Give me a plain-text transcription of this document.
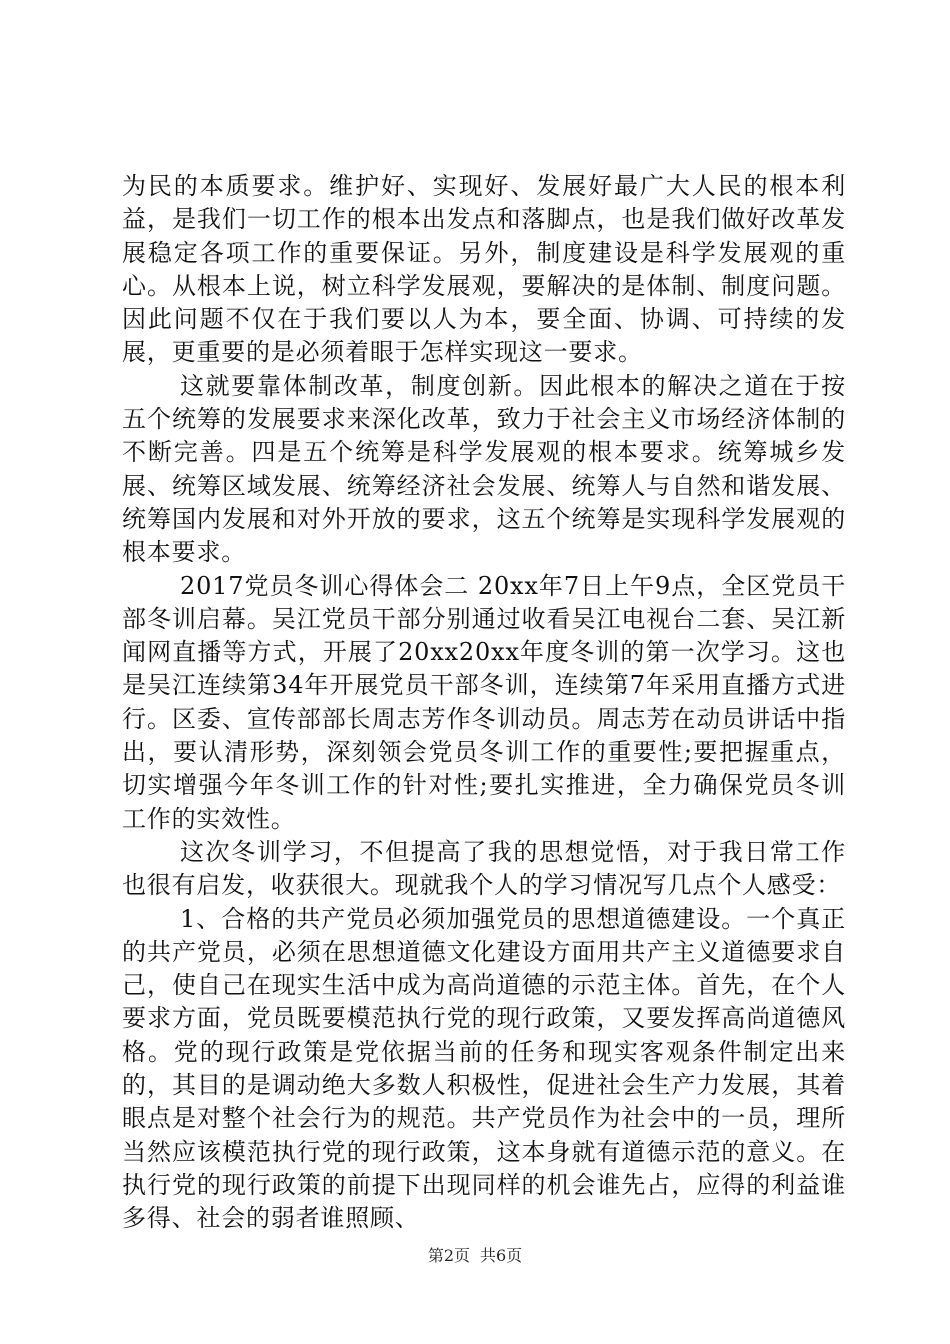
为民的本质要求。维护好、实现好、发展好最广大人民的根本利益，是我们一切工作的根本出发点和落脚点，也是我们做好改革发展稳定各项工作的重要保证。另外，制度建设是科学发展观的重心。从根本上说，树立科学发展观，要解决的是体制、制度问题。因此问题不仅在于我们要以人为本，要全面、协调、可持续的发展，更重要的是必须着眼于怎样实现这一要求。

这就要靠体制改革，制度创新。因此根本的解决之道在于按五个统筹的发展要求来深化改革，致力于社会主义市场经济体制的不断完善。四是五个统筹是科学发展观的根本要求。统筹城乡发展、统筹区域发展、统筹经济社会发展、统筹人与自然和谐发展、统筹国内发展和对外开放的要求，这五个统筹是实现科学发展观的根本要求。

2017党员冬训心得体会二 20xx年7日上午9点，全区党员干部冬训启幕。吴江党员干部分别通过收看吴江电视台二套、吴江新闻网直播等方式，开展了20xx20xx年度冬训的第一次学习。这也是吴江连续第34年开展党员干部冬训，连续第7年采用直播方式进行。区委、宣传部部长周志芳作冬训动员。周志芳在动员讲话中指出，要认清形势，深刻领会党员冬训工作的重要性;要把握重点，切实增强今年冬训工作的针对性;要扎实推进，全力确保党员冬训工作的实效性。

这次冬训学习，不但提高了我的思想觉悟，对于我日常工作也很有启发，收获很大。现就我个人的学习情况写几点个人感受：

1、合格的共产党员必须加强党员的思想道德建设。一个真正的共产党员，必须在思想道德文化建设方面用共产主义道德要求自己，使自己在现实生活中成为高尚道德的示范主体。首先，在个人要求方面，党员既要模范执行党的现行政策，又要发挥高尚道德风格。党的现行政策是党依据当前的任务和现实客观条件制定出来的，其目的是调动绝大多数人积极性，促进社会生产力发展，其着眼点是对整个社会行为的规范。共产党员作为社会中的一员，理所当然应该模范执行党的现行政策，这本身就有道德示范的意义。在执行党的现行政策的前提下出现同样的机会谁先占，应得的利益谁多得、社会的弱者谁照顾、

第2页 共6页
